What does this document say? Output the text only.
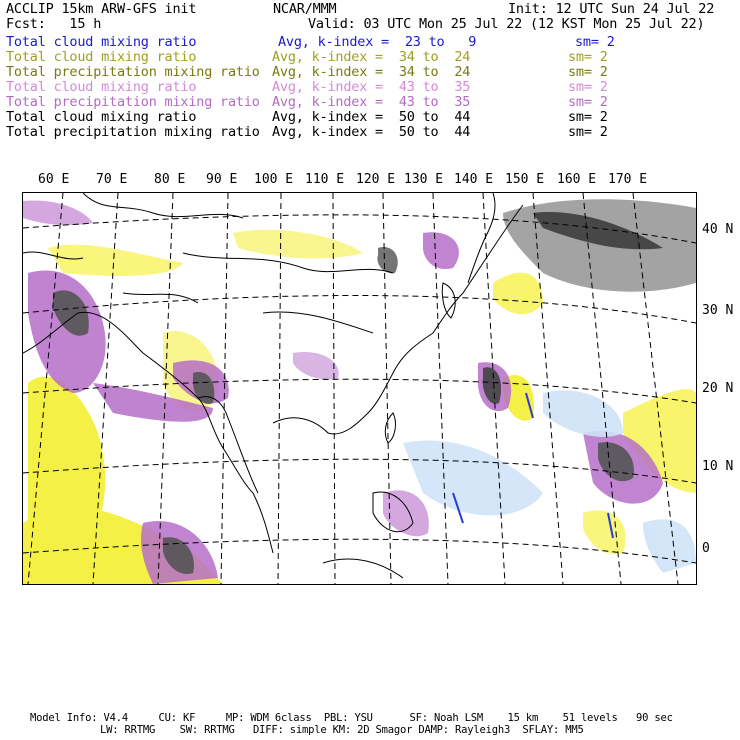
ACCLIP 15km ARW-GFS init	NCAR/MMM	Init: 12 UTC Sun 24 Jul 22
Fcst:   15 h	Valid: 03 UTC Mon 25 Jul 22 (12 KST Mon 25 Jul 22)
Total cloud mixing ratio	Avg, k-index =  23 to   9	sm= 2
Total cloud mixing ratio	Avg, k-index =  34 to  24	sm= 2
Total precipitation mixing ratio Avg, k-index =  34 to  24	sm= 2
Total cloud mixing ratio	Avg, k-index =  43 to  35	sm= 2
Total precipitation mixing ratio Avg, k-index =  43 to  35	sm= 2
Total cloud mixing ratio	Avg, k-index =  50 to  44	sm= 2
Total precipitation mixing ratio Avg, k-index =  50 to  44	sm= 2
60 E 70 E 80 E 90 E 100 E 110 E 120 E 130 E 140 E 150 E 160 E 170 E
40 N
30 N
20 N
10 N
0
Model Info: V4.4     CU: KF     MP: WDM 6class  PBL: YSU      SF: Noah LSM    15 km    51 levels   90 sec
LW: RRTMG    SW: RRTMG   DIFF: simple KM: 2D Smagor DAMP: Rayleigh3  SFLAY: MM5
